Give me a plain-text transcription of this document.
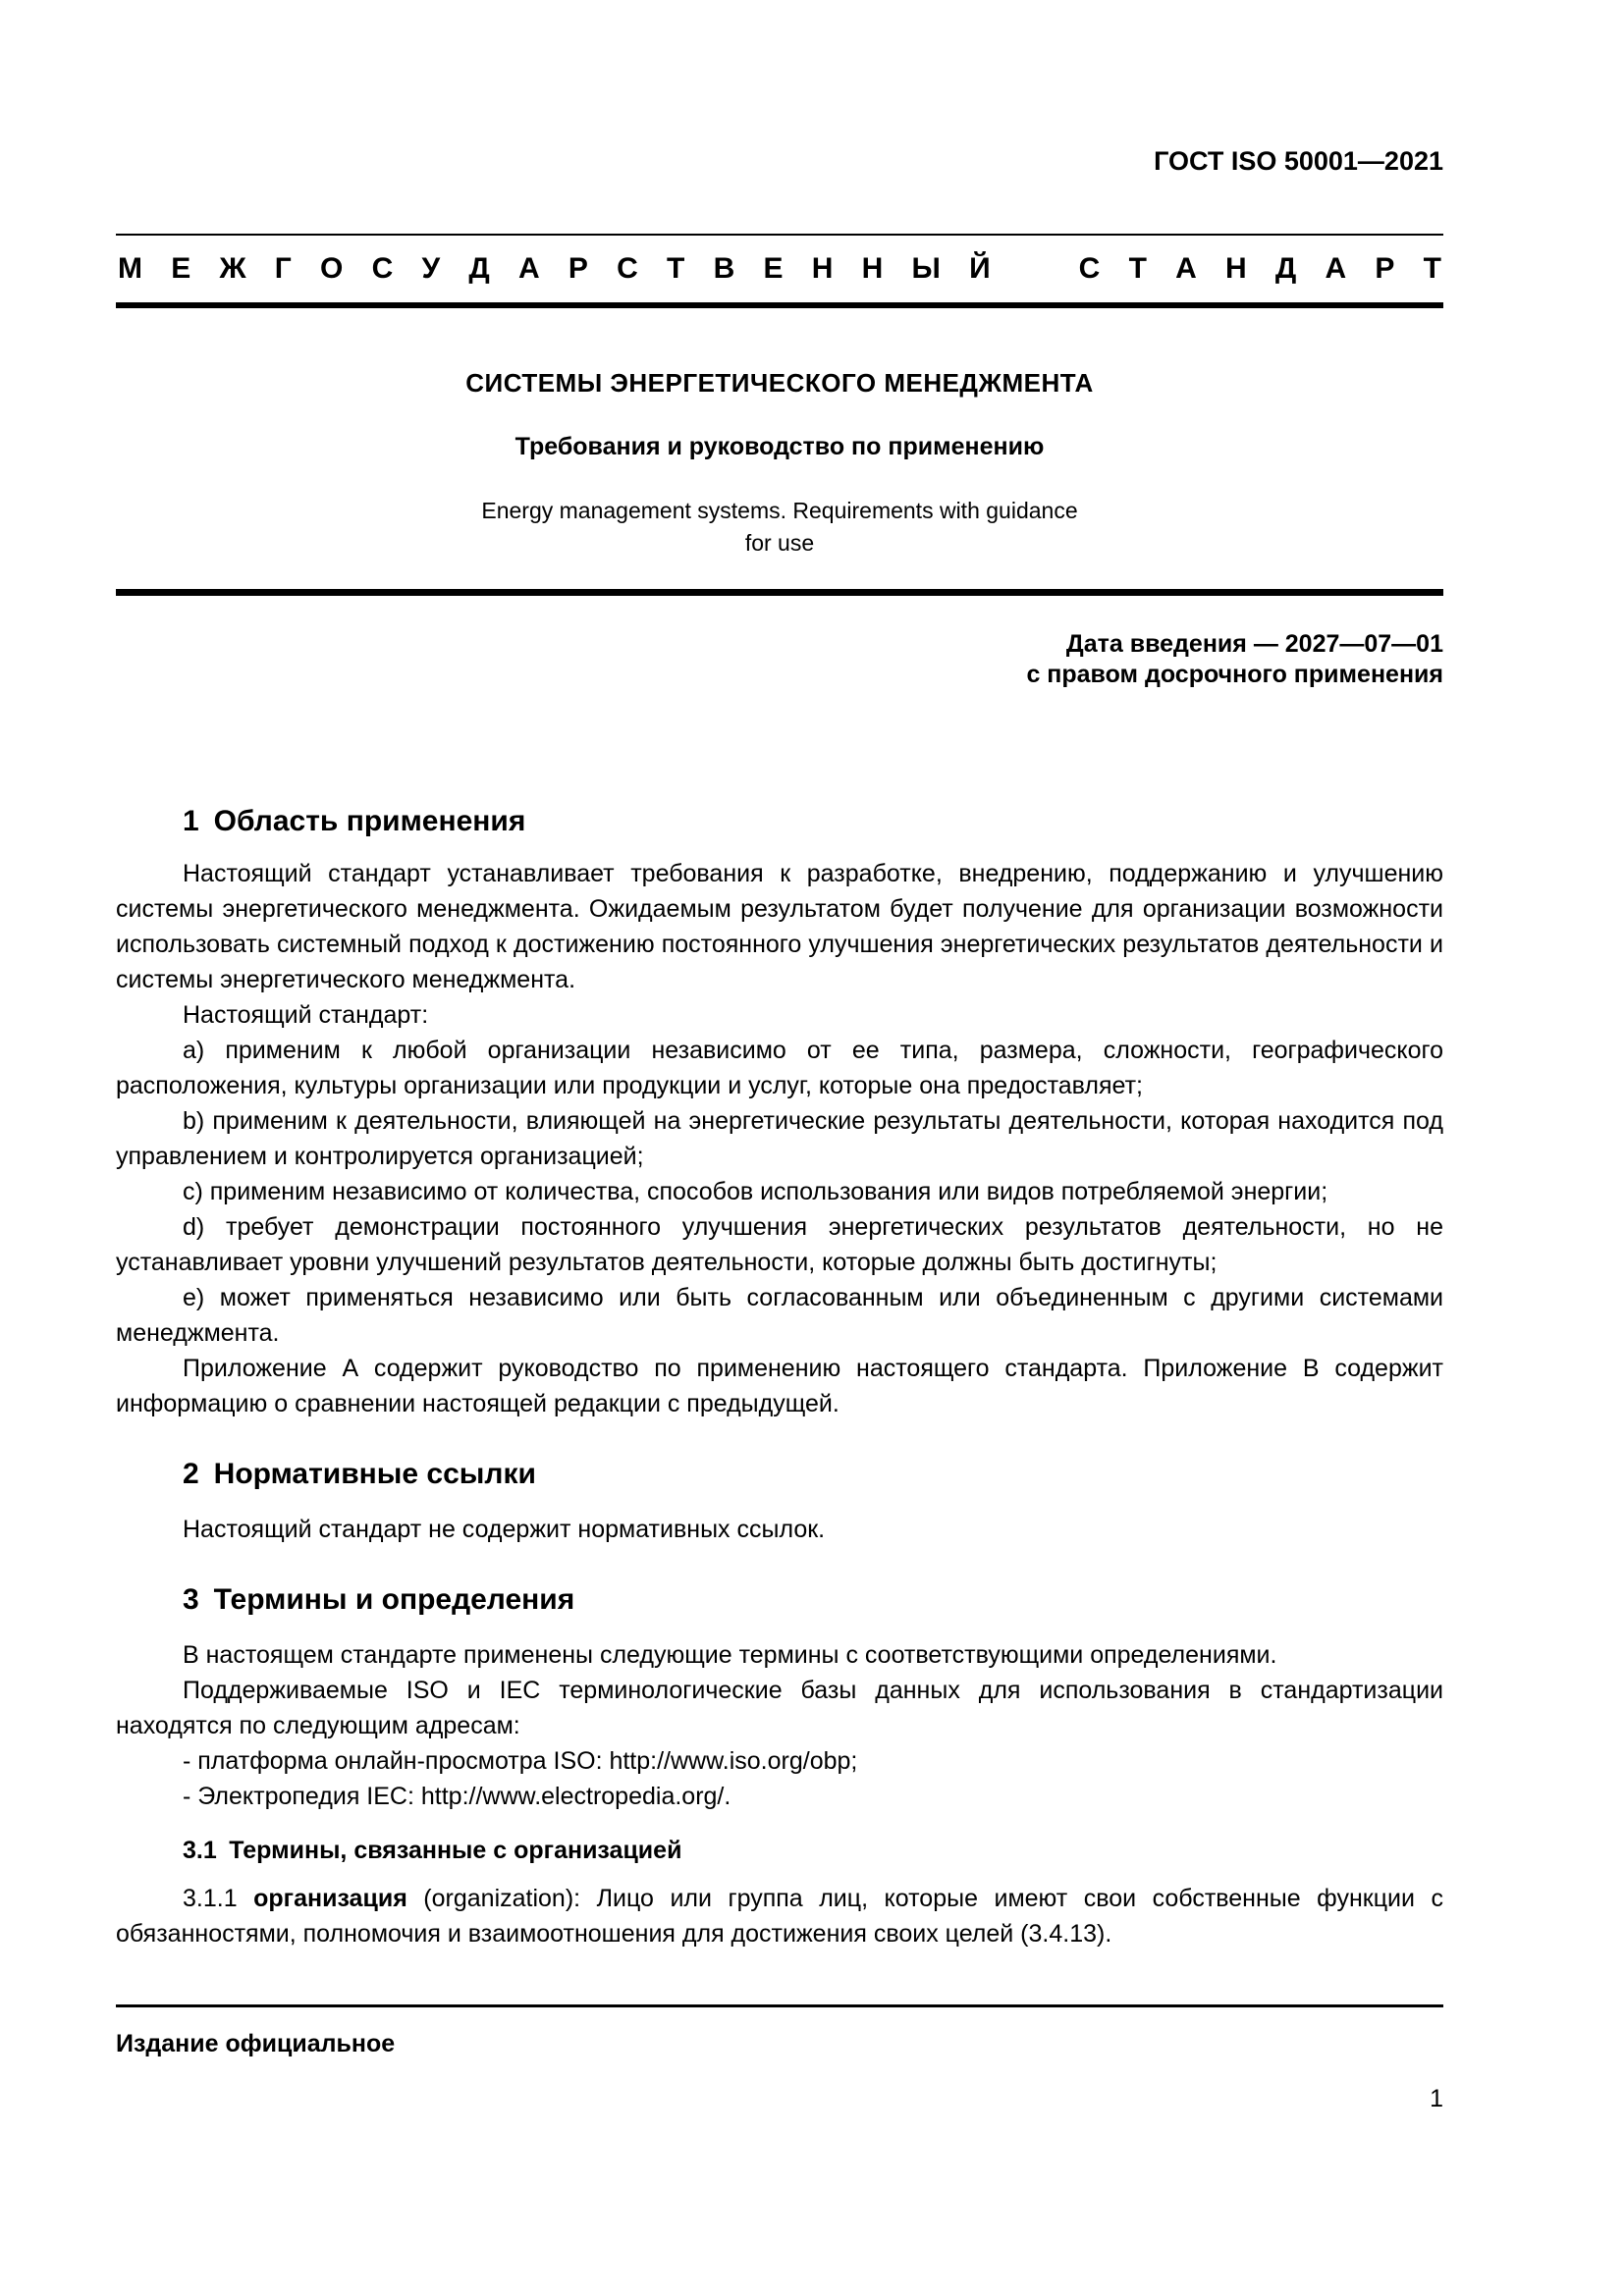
ГОСТ ISO 50001—2021
М Е Ж Г О С У Д А Р С Т В Е Н Н Ы Й   С Т А Н Д А Р Т
СИСТЕМЫ ЭНЕРГЕТИЧЕСКОГО МЕНЕДЖМЕНТА
Требования и руководство по применению
Energy management systems. Requirements with guidance
for use
Дата введения — 2027—07—01
с правом досрочного применения
1 Область применения

Настоящий стандарт устанавливает требования к разработке, внедрению, поддержанию и улучшению системы энергетического менеджмента. Ожидаемым результатом будет получение для организации возможности использовать системный подход к достижению постоянного улучшения энергетических результатов деятельности и системы энергетического менеджмента.

Настоящий стандарт:

a) применим к любой организации независимо от ее типа, размера, сложности, географического расположения, культуры организации или продукции и услуг, которые она предоставляет;

b) применим к деятельности, влияющей на энергетические результаты деятельности, которая находится под управлением и контролируется организацией;

c) применим независимо от количества, способов использования или видов потребляемой энергии;

d) требует демонстрации постоянного улучшения энергетических результатов деятельности, но не устанавливает уровни улучшений результатов деятельности, которые должны быть достигнуты;

e) может применяться независимо или быть согласованным или объединенным с другими системами менеджмента.

Приложение А содержит руководство по применению настоящего стандарта. Приложение В содержит информацию о сравнении настоящей редакции с предыдущей.

2 Нормативные ссылки

Настоящий стандарт не содержит нормативных ссылок.

3 Термины и определения

В настоящем стандарте применены следующие термины с соответствующими определениями.

Поддерживаемые ISO и IEC терминологические базы данных для использования в стандартизации находятся по следующим адресам:

- платформа онлайн-просмотра ISO: http://www.iso.org/obp;

- Электропедия IEC: http://www.electropedia.org/.

3.1 Термины, связанные с организацией

3.1.1 организация (organization): Лицо или группа лиц, которые имеют свои собственные функции с обязанностями, полномочия и взаимоотношения для достижения своих целей (3.4.13).

Издание официальное
1
